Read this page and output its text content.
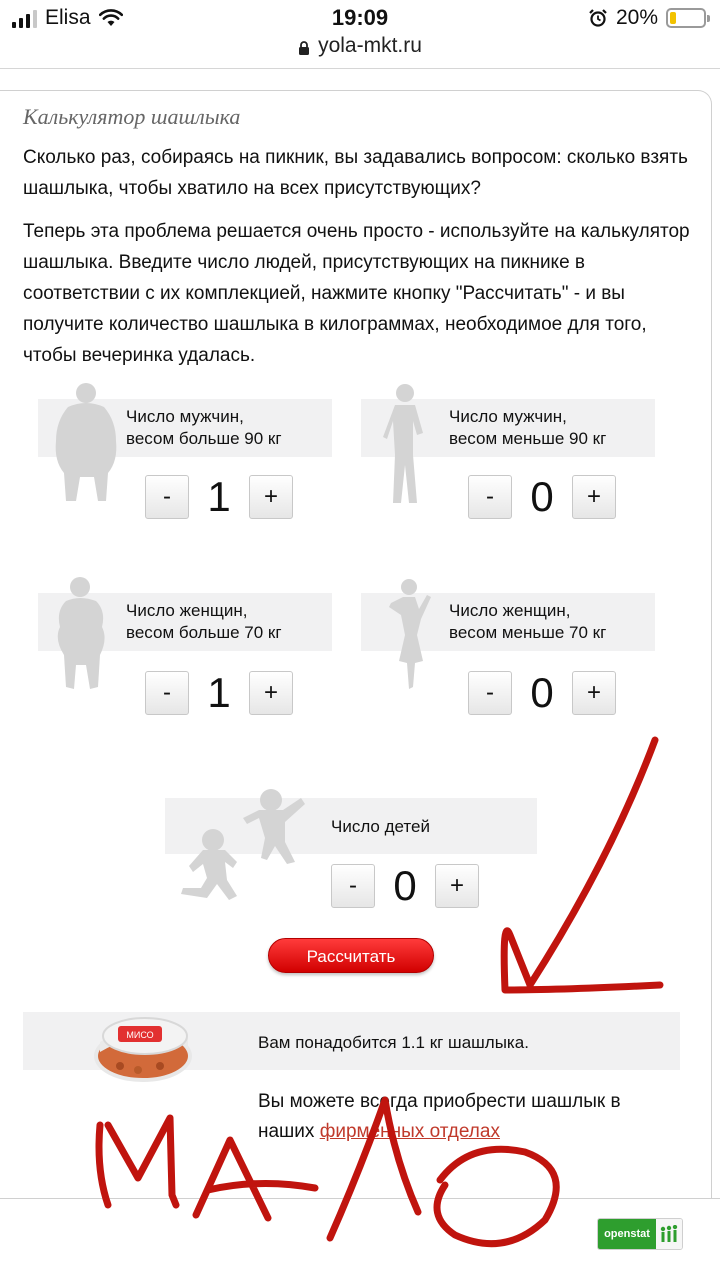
Elisa	19:09	20%
yola-mkt.ru
Калькулятор шашлыка

Сколько раз, собираясь на пикник, вы задавались вопросом: сколько взять шашлыка, чтобы хватило на всех присутствующих?

Теперь эта проблема решается очень просто - используйте на калькулятор шашлыка. Введите число людей, присутствующих на пикнике в соответствии с их комплекцией, нажмите кнопку "Рассчитать" - и вы получите количество шашлыка в килограммах, необходимое для того, чтобы вечеринка удалась.

Число мужчин,
весом больше 90 кг
- 1	+
Число мужчин,
весом меньше 90 кг
- 0	+
Число женщин,
весом больше 70 кг
- 1	+
Число женщин,
весом меньше 70 кг
- 0	+
Число детей
- 0	+
Рассчитать
MИСО	Вам понадобится 1.1 кг шашлыка.
Вы можете всегда приобрести шашлык в наших фирменных отделах
openstat
